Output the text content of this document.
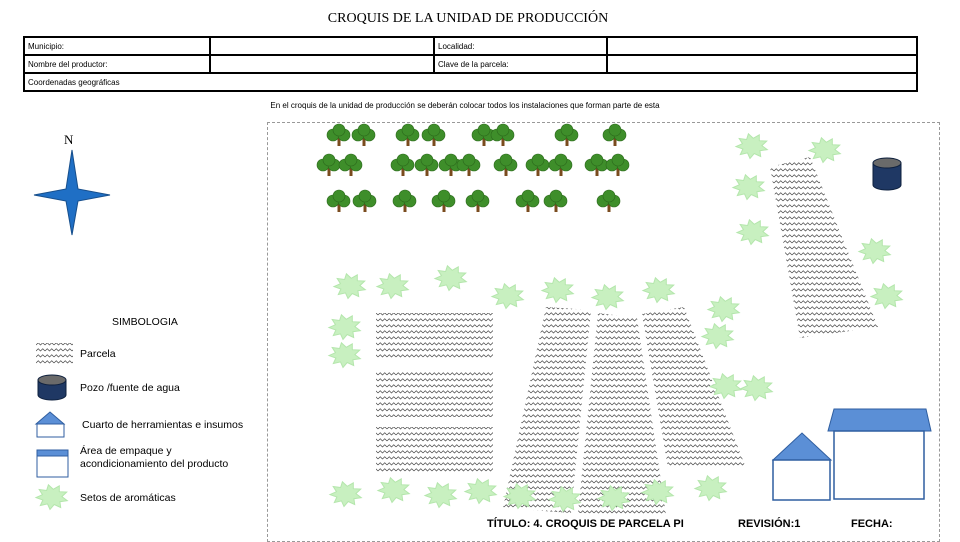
CROQUIS DE LA UNIDAD DE PRODUCCIÓN
Municipio:		Localidad:	
Nombre del productor:		Clave de la parcela:	
Coordenadas geográficas			
En el croquis de la unidad de producción se deberán colocar todos los instalaciones que forman parte de esta
N
SIMBOLOGIA
Parcela
Pozo /fuente de agua
Cuarto de herramientas e insumos
Área de empaque y
acondicionamiento del producto
Setos de aromáticas
TÍTULO: 4. CROQUIS DE PARCELA PI	REVISIÓN:1	FECHA:
